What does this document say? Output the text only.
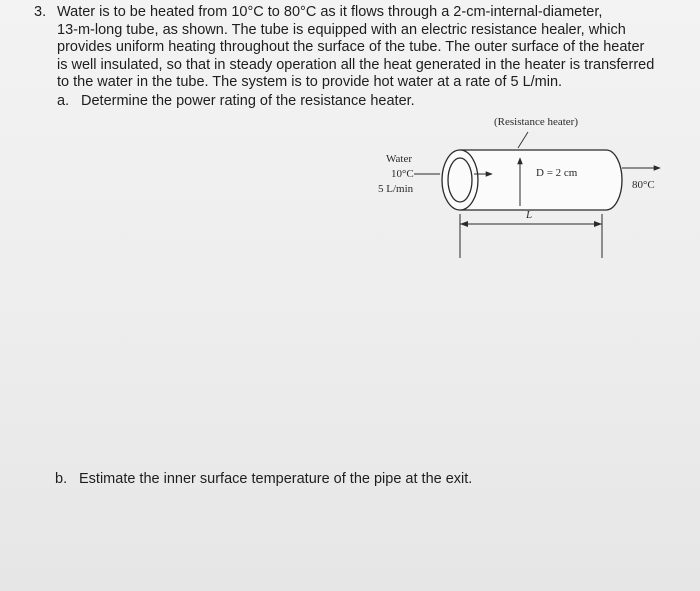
3. Water is to be heated from 10°C to 80°C as it flows through a 2-cm-internal-diameter,
13-m-long tube, as shown. The tube is equipped with an electric resistance healer, which
provides uniform heating throughout the surface of the tube. The outer surface of the heater
is well insulated, so that in steady operation all the heat generated in the heater is transferred
to the water in the tube. The system is to provide hot water at a rate of 5 L/min.

a. Determine the power rating of the resistance heater.
(Resistance heater)
Water
10°C
5 L/min
D = 2 cm
80°C
L
b. Estimate the inner surface temperature of the pipe at the exit.
